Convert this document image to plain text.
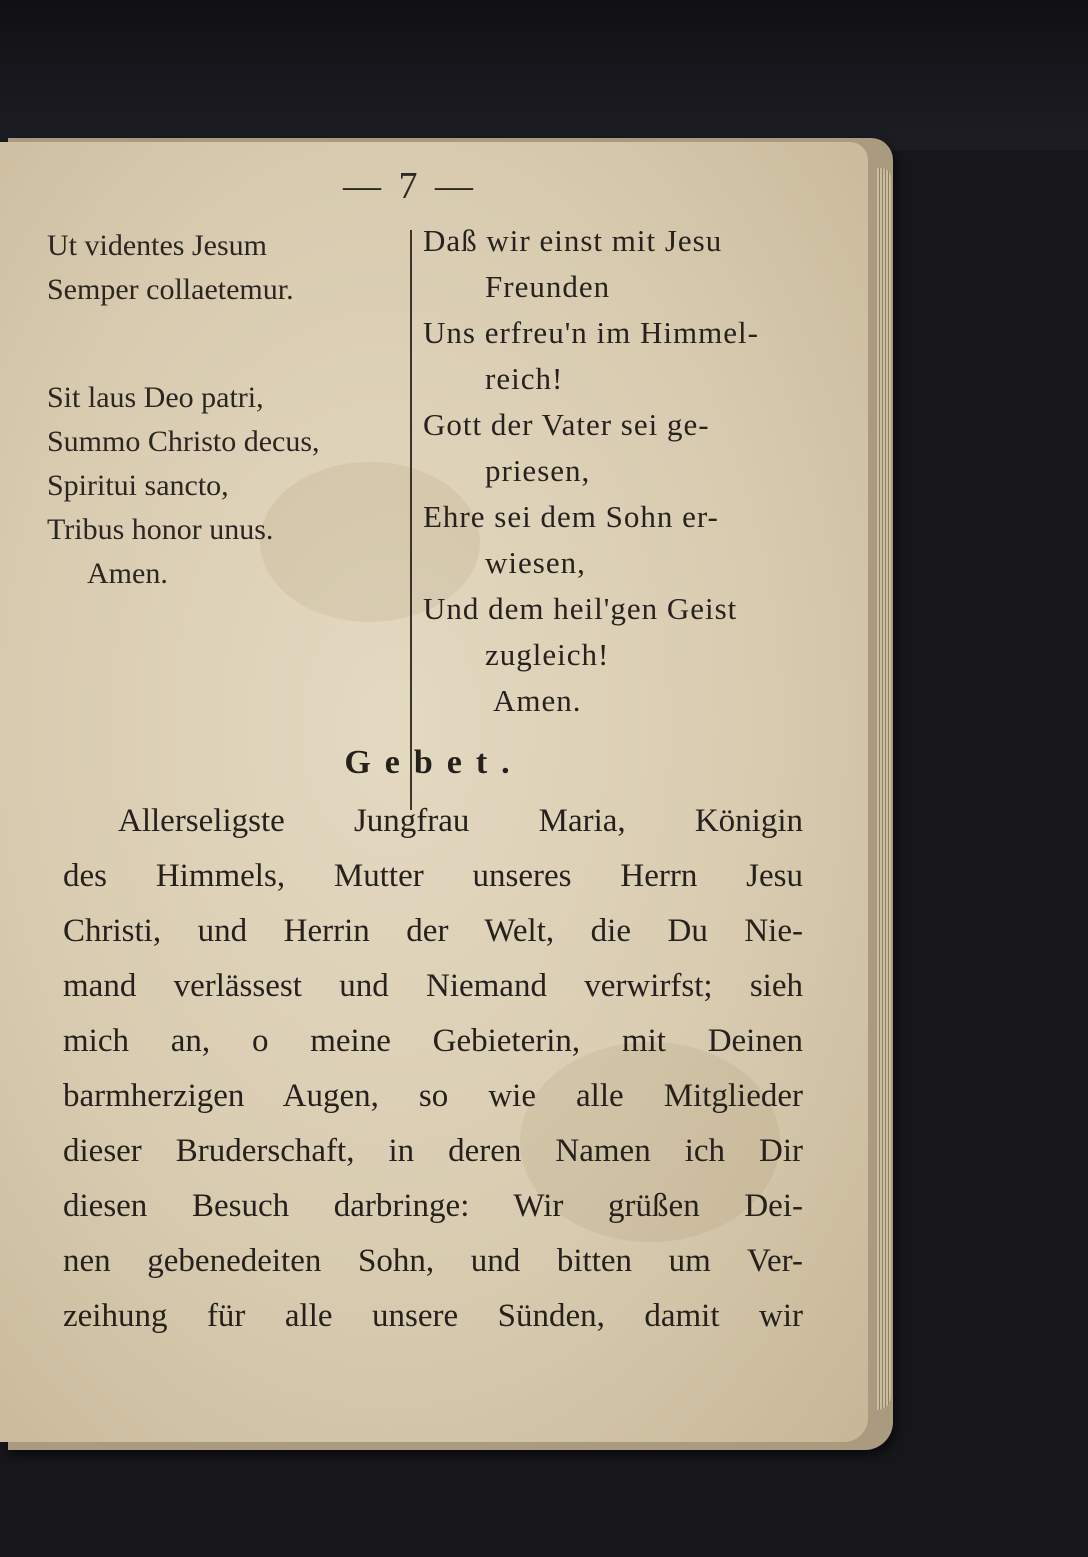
— 7 —
Ut videntes Jesum
Semper collaetemur.
Sit laus Deo patri,
Summo Christo decus,
Spiritui sancto,
Tribus honor unus.
Amen.
Daß wir einst mit Jesu
Freunden
Uns erfreu'n im Himmel-
reich!
Gott der Vater sei ge-
priesen,
Ehre sei dem Sohn er-
wiesen,
Und dem heil'gen Geist
zugleich!
Amen.
Gebet.
Allerseligste Jungfrau Maria, Königin
des Himmels, Mutter unseres Herrn Jesu
Christi, und Herrin der Welt, die Du Nie-
mand verlässest und Niemand verwirfst; sieh
mich an, o meine Gebieterin, mit Deinen
barmherzigen Augen, so wie alle Mitglieder
dieser Bruderschaft, in deren Namen ich Dir
diesen Besuch darbringe: Wir grüßen Dei-
nen gebenedeiten Sohn, und bitten um Ver-
zeihung für alle unsere Sünden, damit wir
